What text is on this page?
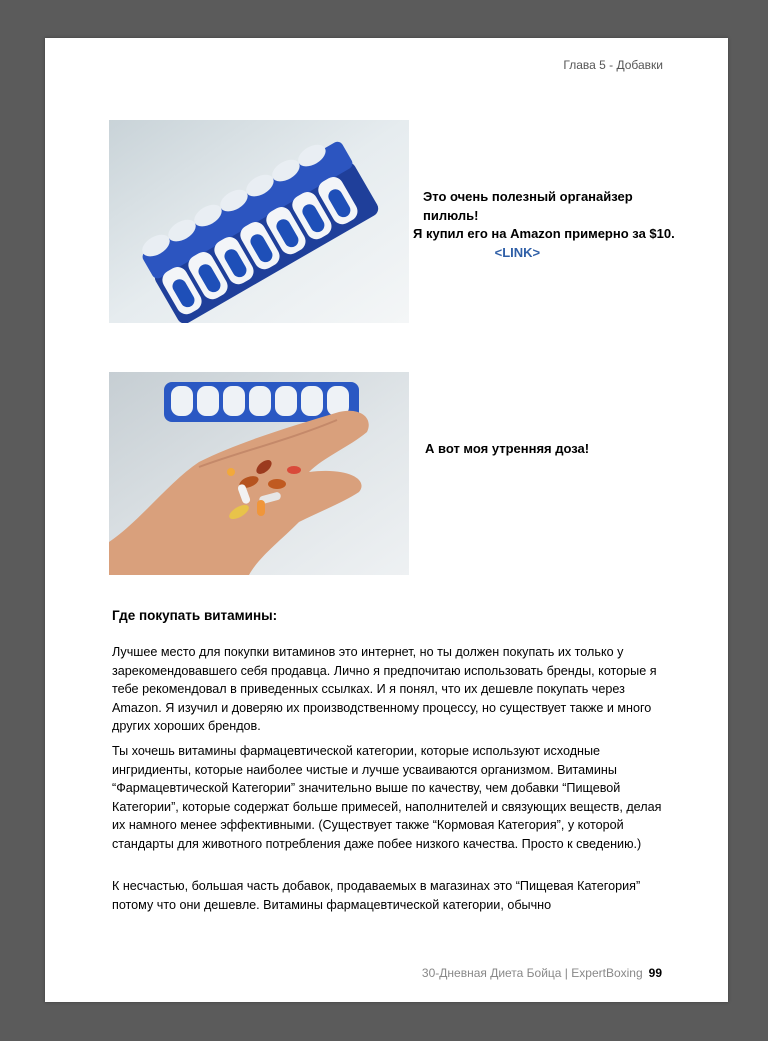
Глава 5 - Добавки
Это очень полезный органайзер пилюль!
Я купил его на Amazon примерно за $10.  <LINK>
А вот моя утренняя доза!
Где покупать витамины:
Лучшее место для покупки витаминов это интернет, но ты должен покупать их только у зарекомендовавшего себя продавца. Лично я предпочитаю использовать бренды, которые я тебе рекомендовал в приведенных ссылках. И я понял, что их дешевле покупать через Amazon. Я изучил и доверяю их производственному процессу, но существует также и много других хороших брендов.
Ты хочешь витамины фармацевтической категории, которые используют исходные ингридиенты, которые наиболее чистые и лучше усваиваются организмом. Витамины “Фармацевтической Категории” значительно выше по качеству, чем добавки “Пищевой Категории”, которые содержат больше примесей, наполнителей и связующих веществ, делая их намного менее эффективными. (Существует также “Кормовая Категория”, у которой стандарты для животного потребления даже побее низкого качества. Просто к сведению.)
К несчастью, большая часть добавок, продаваемых в магазинах это “Пищевая Категория” потому что они дешевле. Витамины фармацевтической категории, обычно
30-Дневная Диета Бойца | ExpertBoxing 99
